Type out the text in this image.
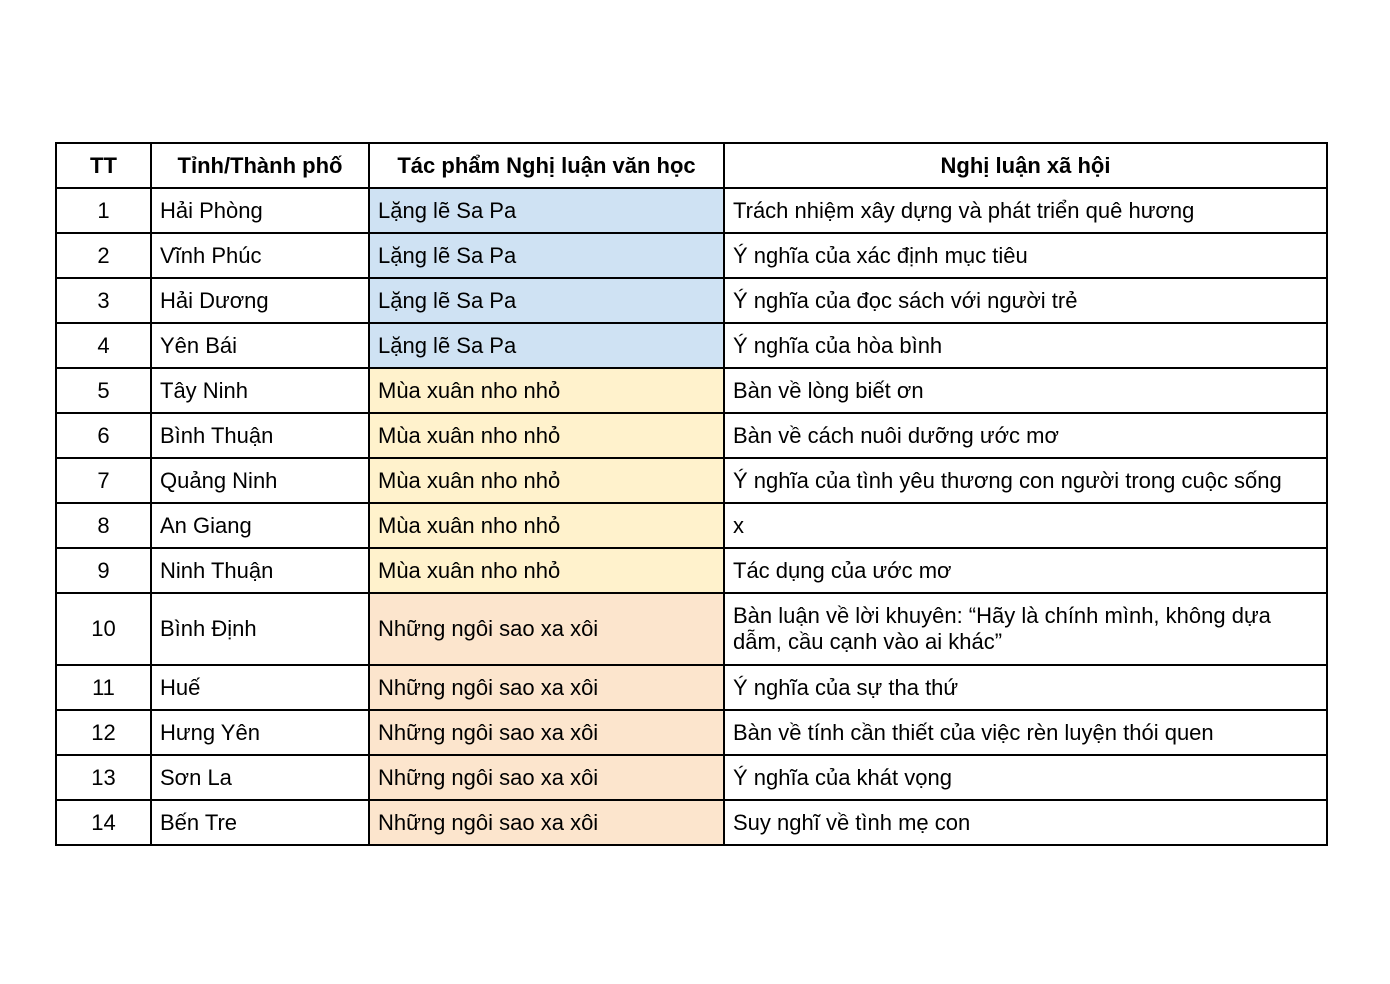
TT	Tỉnh/Thành phố	Tác phẩm Nghị luận văn học	Nghị luận xã hội
1	Hải Phòng	Lặng lẽ Sa Pa	Trách nhiệm xây dựng và phát triển quê hương
2	Vĩnh Phúc	Lặng lẽ Sa Pa	Ý nghĩa của xác định mục tiêu
3	Hải Dương	Lặng lẽ Sa Pa	Ý nghĩa của đọc sách với người trẻ
4	Yên Bái	Lặng lẽ Sa Pa	Ý nghĩa của hòa bình
5	Tây Ninh	Mùa xuân nho nhỏ	Bàn về lòng biết ơn
6	Bình Thuận	Mùa xuân nho nhỏ	Bàn về cách nuôi dưỡng ước mơ
7	Quảng Ninh	Mùa xuân nho nhỏ	Ý nghĩa của tình yêu thương con người trong cuộc sống
8	An Giang	Mùa xuân nho nhỏ	x
9	Ninh Thuận	Mùa xuân nho nhỏ	Tác dụng của ước mơ
10	Bình Định	Những ngôi sao xa xôi	Bàn luận về lời khuyên: “Hãy là chính mình, không dựa dẫm, cầu cạnh vào ai khác”
11	Huế	Những ngôi sao xa xôi	Ý nghĩa của sự tha thứ
12	Hưng Yên	Những ngôi sao xa xôi	Bàn về tính cần thiết của việc rèn luyện thói quen
13	Sơn La	Những ngôi sao xa xôi	Ý nghĩa của khát vọng
14	Bến Tre	Những ngôi sao xa xôi	Suy nghĩ về tình mẹ con
